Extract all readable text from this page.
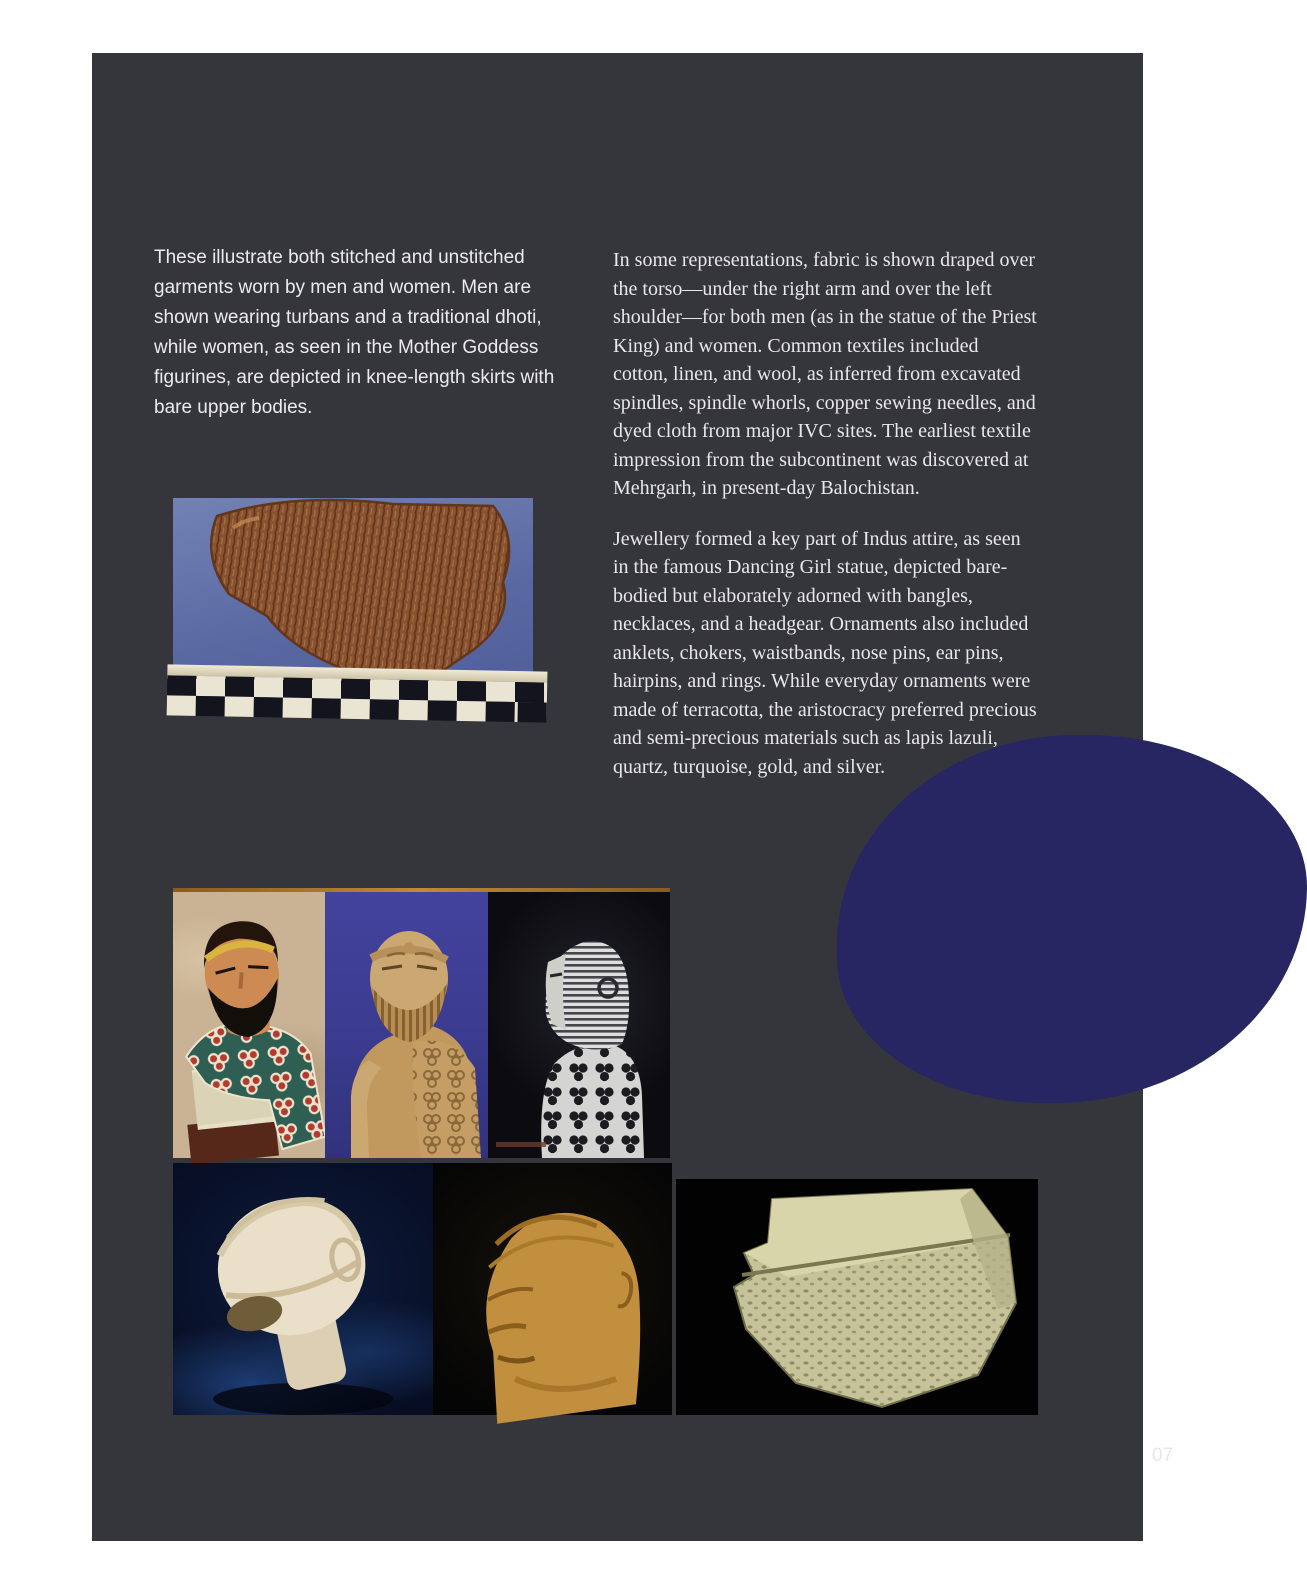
These illustrate both stitched and unstitched garments worn by men and women. Men are shown wearing turbans and a traditional dhoti, while women, as seen in the Mother Goddess figurines, are depicted in knee-length skirts with bare upper bodies.

In some representations, fabric is shown draped over the torso—under the right arm and over the left shoulder—for both men (as in the statue of the Priest King) and women. Common textiles included cotton, linen, and wool, as inferred from excavated spindles, spindle whorls, copper sewing needles, and dyed cloth from major IVC sites. The earliest textile impression from the subcontinent was discovered at Mehrgarh, in present-day Balochistan.

Jewellery formed a key part of Indus attire, as seen in the famous Dancing Girl statue, depicted bare-bodied but elaborately adorned with bangles, necklaces, and a headgear. Ornaments also included anklets, chokers, waistbands, nose pins, ear pins, hairpins, and rings. While everyday ornaments were made of terracotta, the aristocracy preferred precious and semi-precious materials such as lapis lazuli, quartz, turquoise, gold, and silver.

07
